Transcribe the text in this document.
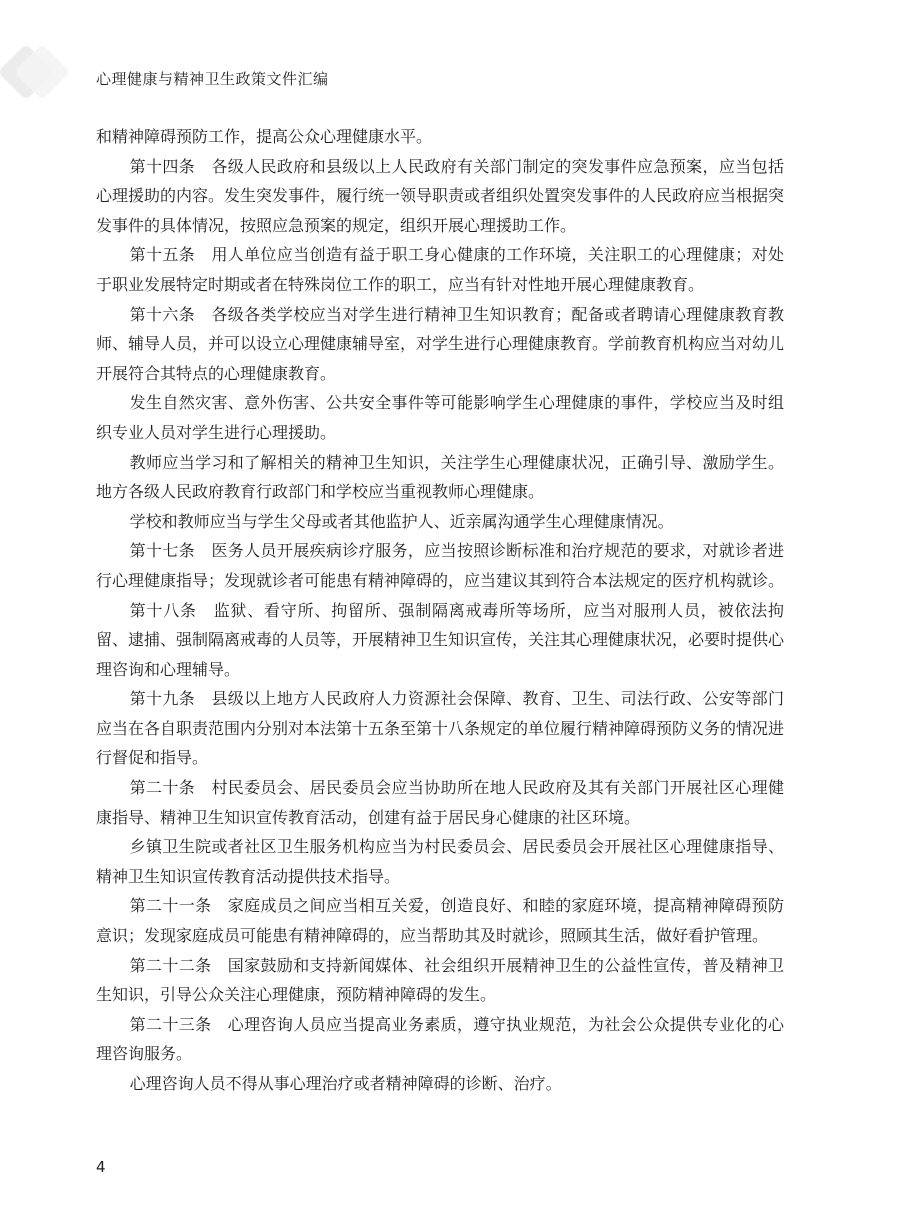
心理健康与精神卫生政策文件汇编

和精神障碍预防工作，提高公众心理健康水平。

第十四条　各级人民政府和县级以上人民政府有关部门制定的突发事件应急预案，应当包括心理援助的内容。发生突发事件，履行统一领导职责或者组织处置突发事件的人民政府应当根据突发事件的具体情况，按照应急预案的规定，组织开展心理援助工作。

第十五条　用人单位应当创造有益于职工身心健康的工作环境，关注职工的心理健康；对处于职业发展特定时期或者在特殊岗位工作的职工，应当有针对性地开展心理健康教育。

第十六条　各级各类学校应当对学生进行精神卫生知识教育；配备或者聘请心理健康教育教师、辅导人员，并可以设立心理健康辅导室，对学生进行心理健康教育。学前教育机构应当对幼儿开展符合其特点的心理健康教育。

发生自然灾害、意外伤害、公共安全事件等可能影响学生心理健康的事件，学校应当及时组织专业人员对学生进行心理援助。

教师应当学习和了解相关的精神卫生知识，关注学生心理健康状况，正确引导、激励学生。地方各级人民政府教育行政部门和学校应当重视教师心理健康。

学校和教师应当与学生父母或者其他监护人、近亲属沟通学生心理健康情况。

第十七条　医务人员开展疾病诊疗服务，应当按照诊断标准和治疗规范的要求，对就诊者进行心理健康指导；发现就诊者可能患有精神障碍的，应当建议其到符合本法规定的医疗机构就诊。

第十八条　监狱、看守所、拘留所、强制隔离戒毒所等场所，应当对服刑人员，被依法拘留、逮捕、强制隔离戒毒的人员等，开展精神卫生知识宣传，关注其心理健康状况，必要时提供心理咨询和心理辅导。

第十九条　县级以上地方人民政府人力资源社会保障、教育、卫生、司法行政、公安等部门应当在各自职责范围内分别对本法第十五条至第十八条规定的单位履行精神障碍预防义务的情况进行督促和指导。

第二十条　村民委员会、居民委员会应当协助所在地人民政府及其有关部门开展社区心理健康指导、精神卫生知识宣传教育活动，创建有益于居民身心健康的社区环境。

乡镇卫生院或者社区卫生服务机构应当为村民委员会、居民委员会开展社区心理健康指导、精神卫生知识宣传教育活动提供技术指导。

第二十一条　家庭成员之间应当相互关爱，创造良好、和睦的家庭环境，提高精神障碍预防意识；发现家庭成员可能患有精神障碍的，应当帮助其及时就诊，照顾其生活，做好看护管理。

第二十二条　国家鼓励和支持新闻媒体、社会组织开展精神卫生的公益性宣传，普及精神卫生知识，引导公众关注心理健康，预防精神障碍的发生。

第二十三条　心理咨询人员应当提高业务素质，遵守执业规范，为社会公众提供专业化的心理咨询服务。

心理咨询人员不得从事心理治疗或者精神障碍的诊断、治疗。

4
